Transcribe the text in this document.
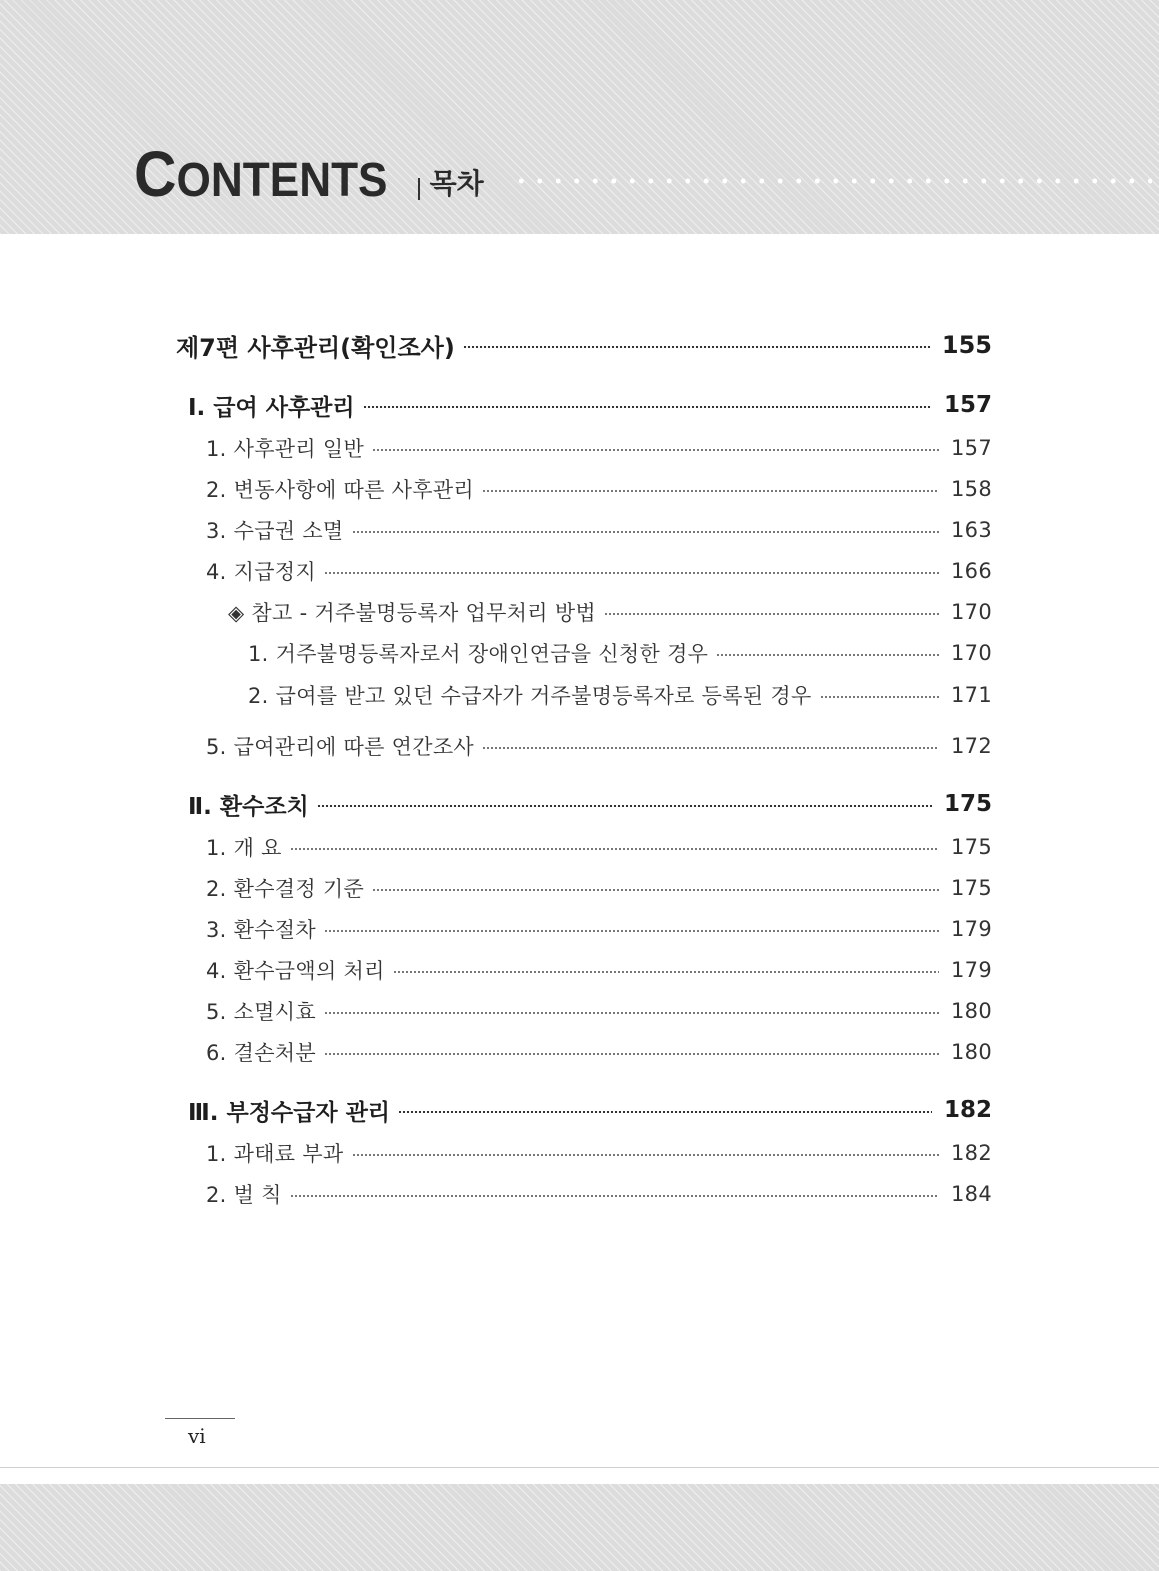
CONTENTS 목차
제7편 사후관리(확인조사)	155
Ⅰ. 급여 사후관리	157
1. 사후관리 일반	157
2. 변동사항에 따른 사후관리	158
3. 수급권 소멸	163
4. 지급정지	166
◈ 참고 - 거주불명등록자 업무처리 방법	170
1. 거주불명등록자로서 장애인연금을 신청한 경우	170
2. 급여를 받고 있던 수급자가 거주불명등록자로 등록된 경우	171
5. 급여관리에 따른 연간조사	172
Ⅱ. 환수조치	175
1. 개 요	175
2. 환수결정 기준	175
3. 환수절차	179
4. 환수금액의 처리	179
5. 소멸시효	180
6. 결손처분	180
Ⅲ. 부정수급자 관리	182
1. 과태료 부과	182
2. 벌 칙	184
vi
